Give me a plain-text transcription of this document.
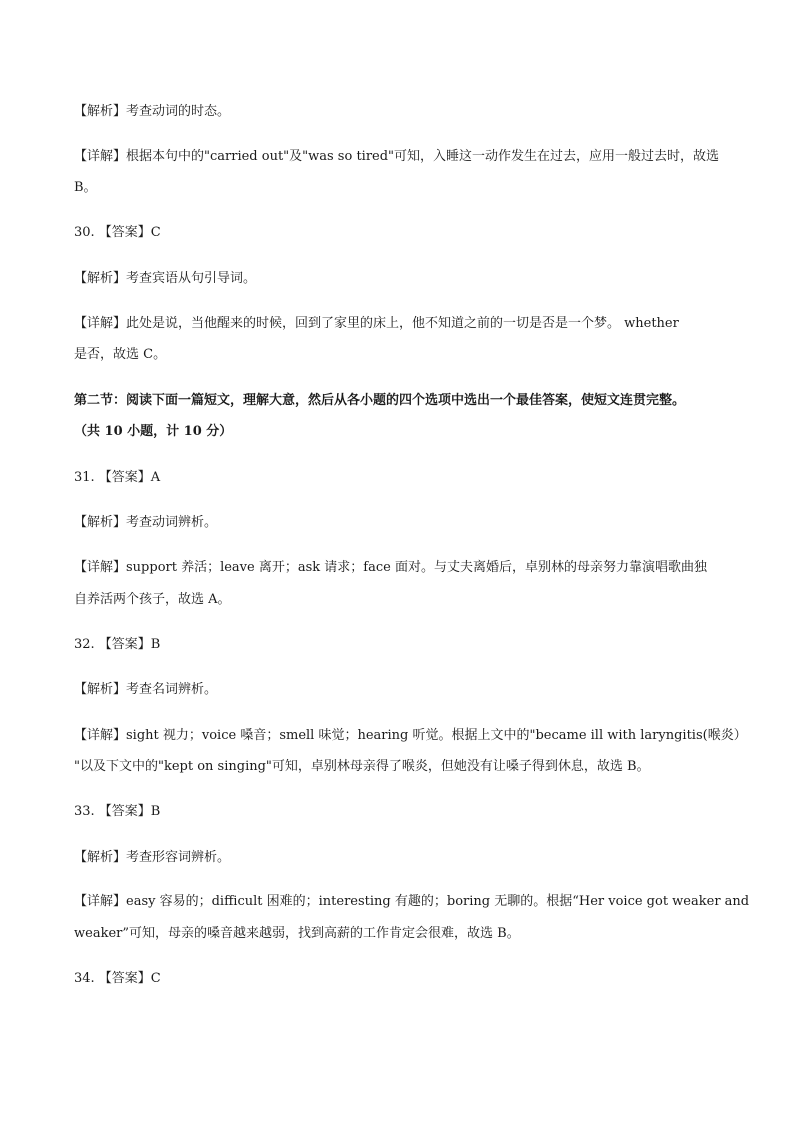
【解析】考查动词的时态。
【详解】根据本句中的"carried out"及"was so tired"可知，入睡这一动作发生在过去，应用一般过去时，故选
B。
30. 【答案】C
【解析】考查宾语从句引导词。
【详解】此处是说，当他醒来的时候，回到了家里的床上，他不知道之前的一切是否是一个梦。 whether
是否，故选 C。
第二节：阅读下面一篇短文，理解大意，然后从各小题的四个选项中选出一个最佳答案，使短文连贯完整。
（共 10 小题，计 10 分）
31. 【答案】A
【解析】考查动词辨析。
【详解】support 养活；leave 离开；ask 请求；face 面对。与丈夫离婚后，卓别林的母亲努力靠演唱歌曲独
自养活两个孩子，故选 A。
32. 【答案】B
【解析】考查名词辨析。
【详解】sight 视力；voice 嗓音；smell 味觉；hearing 听觉。根据上文中的"became ill with laryngitis(喉炎）
"以及下文中的"kept on singing"可知，卓别林母亲得了喉炎，但她没有让嗓子得到休息，故选 B。
33. 【答案】B
【解析】考查形容词辨析。
【详解】easy 容易的；difficult 困难的；interesting 有趣的；boring 无聊的。根据“Her voice got weaker and
weaker”可知，母亲的嗓音越来越弱，找到高薪的工作肯定会很难，故选 B。
34. 【答案】C
